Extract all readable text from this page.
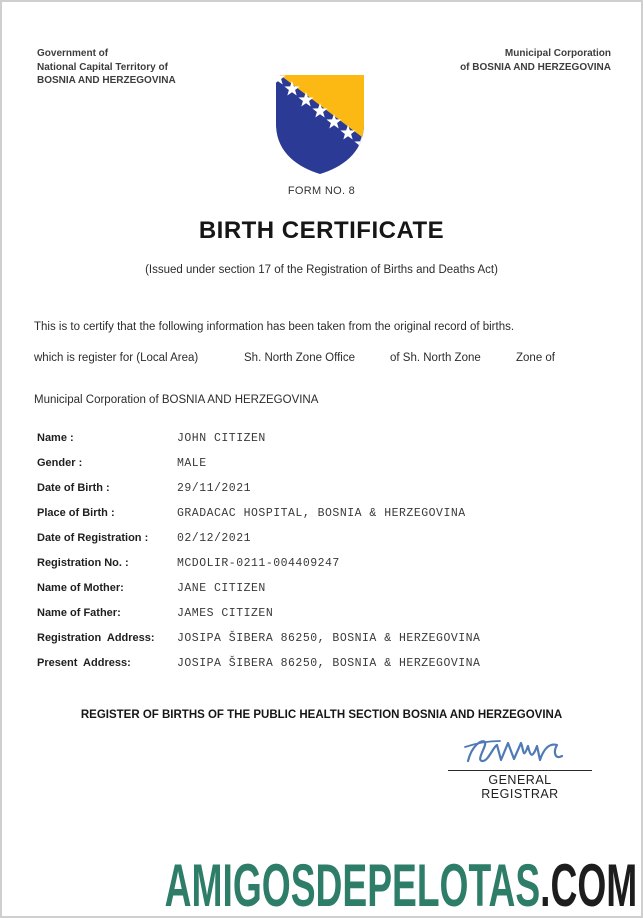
Government of
National Capital Territory of
BOSNIA AND HERZEGOVINA
Municipal Corporation
of BOSNIA AND HERZEGOVINA
FORM NO. 8
BIRTH CERTIFICATE
(Issued under section 17 of the Registration of Births and Deaths Act)

This is to certify that the following information has been taken from the original record of births.

which is register for (Local Area)	Sh. North Zone Office	of Sh. North Zone	Zone of
Municipal Corporation of BOSNIA AND HERZEGOVINA
Name :	JOHN CITIZEN
Gender :	MALE
Date of Birth :	29/11/2021
Place of Birth :	GRADACAC HOSPITAL, BOSNIA & HERZEGOVINA
Date of Registration :	02/12/2021
Registration No. :	MCDOLIR-0211-004409247
Name of Mother:	JANE CITIZEN
Name of Father:	JAMES CITIZEN
Registration  Address:	JOSIPA ŠIBERA 86250, BOSNIA & HERZEGOVINA
Present  Address:	JOSIPA ŠIBERA 86250, BOSNIA & HERZEGOVINA
REGISTER OF BIRTHS OF THE PUBLIC HEALTH SECTION BOSNIA AND HERZEGOVINA
GENERAL REGISTRAR
AMIGOSDEPELOTAS.COM
